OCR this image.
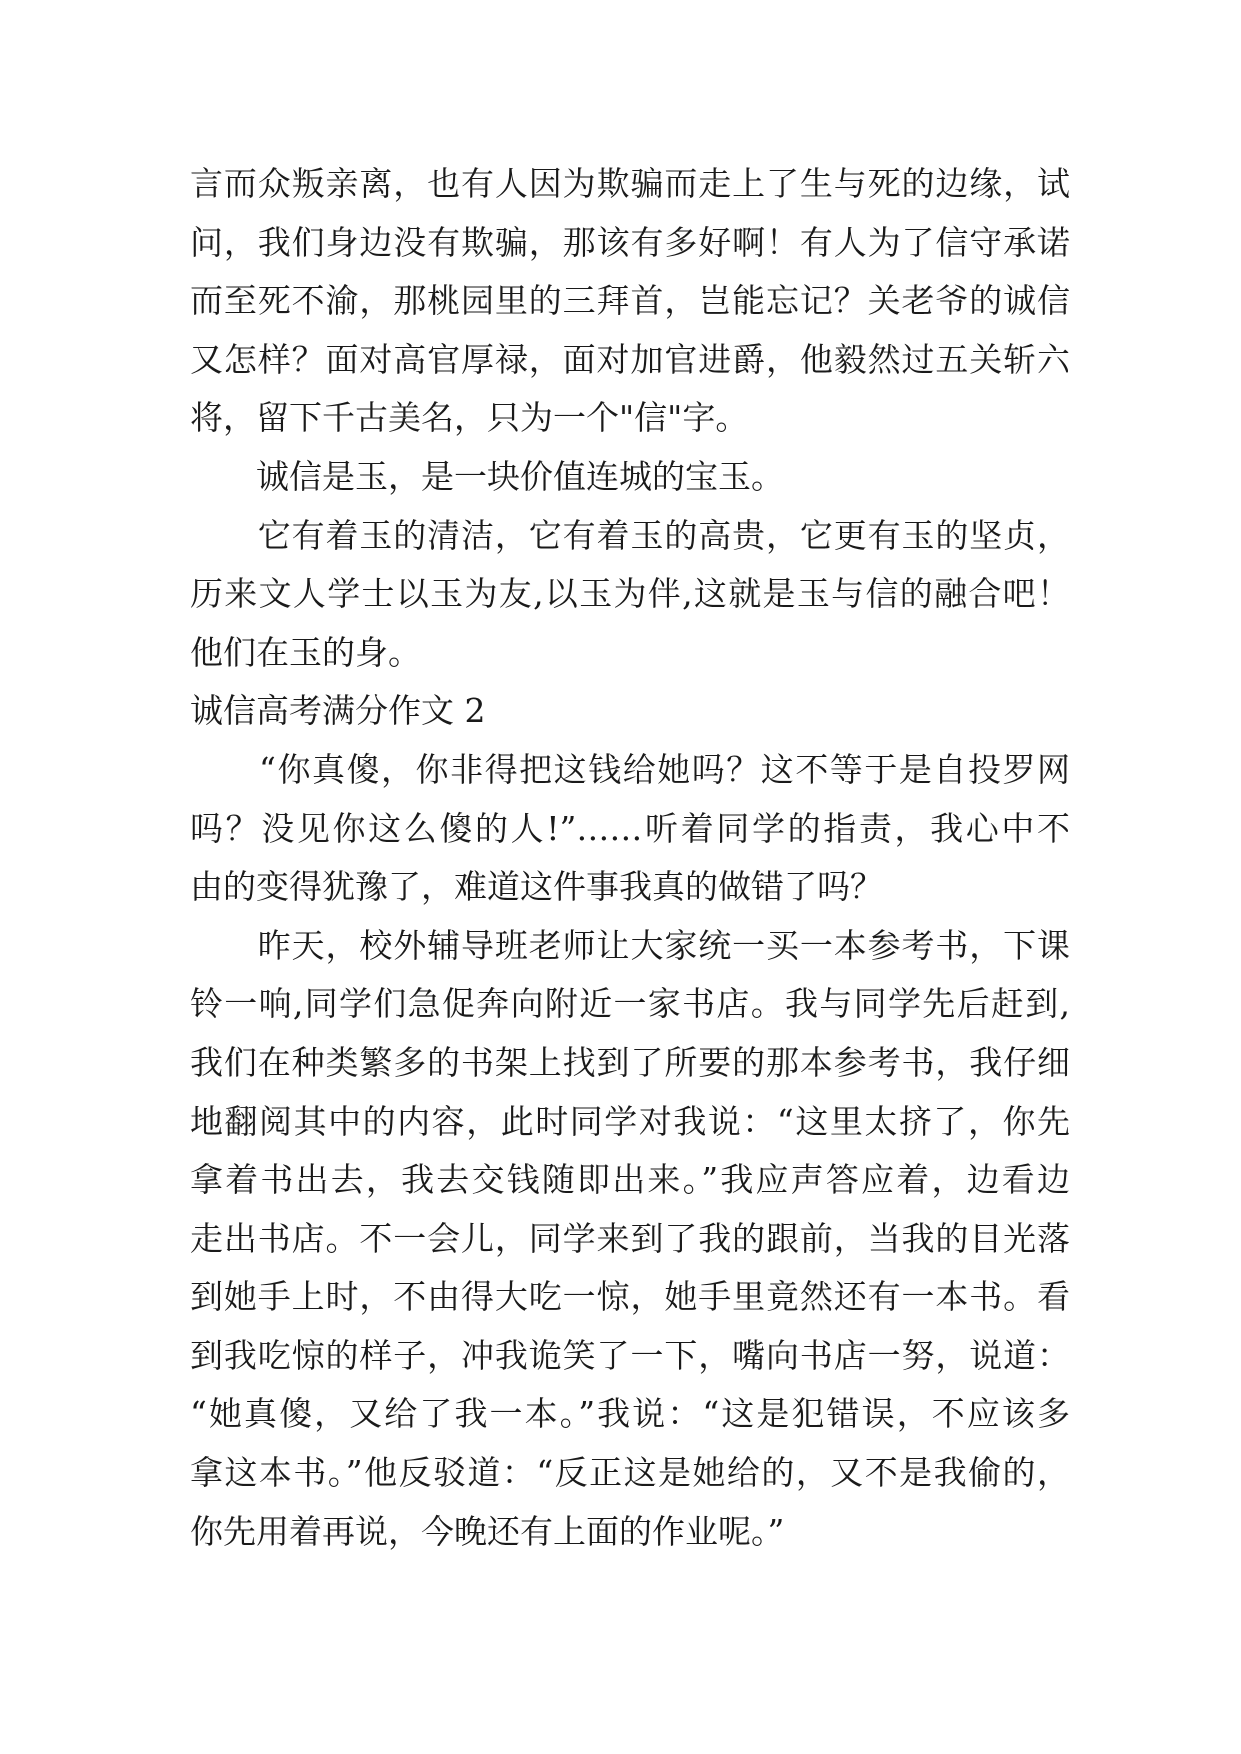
言而众叛亲离，也有人因为欺骗而走上了生与死的边缘，试
问，我们身边没有欺骗，那该有多好啊！有人为了信守承诺
而至死不渝，那桃园里的三拜首，岂能忘记？关老爷的诚信
又怎样？面对高官厚禄，面对加官进爵，他毅然过五关斩六
将，留下千古美名，只为一个"信"字。
　　诚信是玉，是一块价值连城的宝玉。
　　它有着玉的清洁，它有着玉的高贵，它更有玉的坚贞，
历来文人学士以玉为友,以玉为伴,这就是玉与信的融合吧！
他们在玉的身。
诚信高考满分作文 2
　　“你真傻，你非得把这钱给她吗？这不等于是自投罗网
吗？没见你这么傻的人!”……听着同学的指责，我心中不
由的变得犹豫了，难道这件事我真的做错了吗？
　　昨天，校外辅导班老师让大家统一买一本参考书，下课
铃一响,同学们急促奔向附近一家书店。我与同学先后赶到,
我们在种类繁多的书架上找到了所要的那本参考书，我仔细
地翻阅其中的内容，此时同学对我说：“这里太挤了，你先
拿着书出去，我去交钱随即出来。”我应声答应着，边看边
走出书店。不一会儿，同学来到了我的跟前，当我的目光落
到她手上时，不由得大吃一惊，她手里竟然还有一本书。看
到我吃惊的样子，冲我诡笑了一下，嘴向书店一努，说道：
“她真傻，又给了我一本。”我说：“这是犯错误，不应该多
拿这本书。”他反驳道：“反正这是她给的，又不是我偷的，
你先用着再说，今晚还有上面的作业呢。”
